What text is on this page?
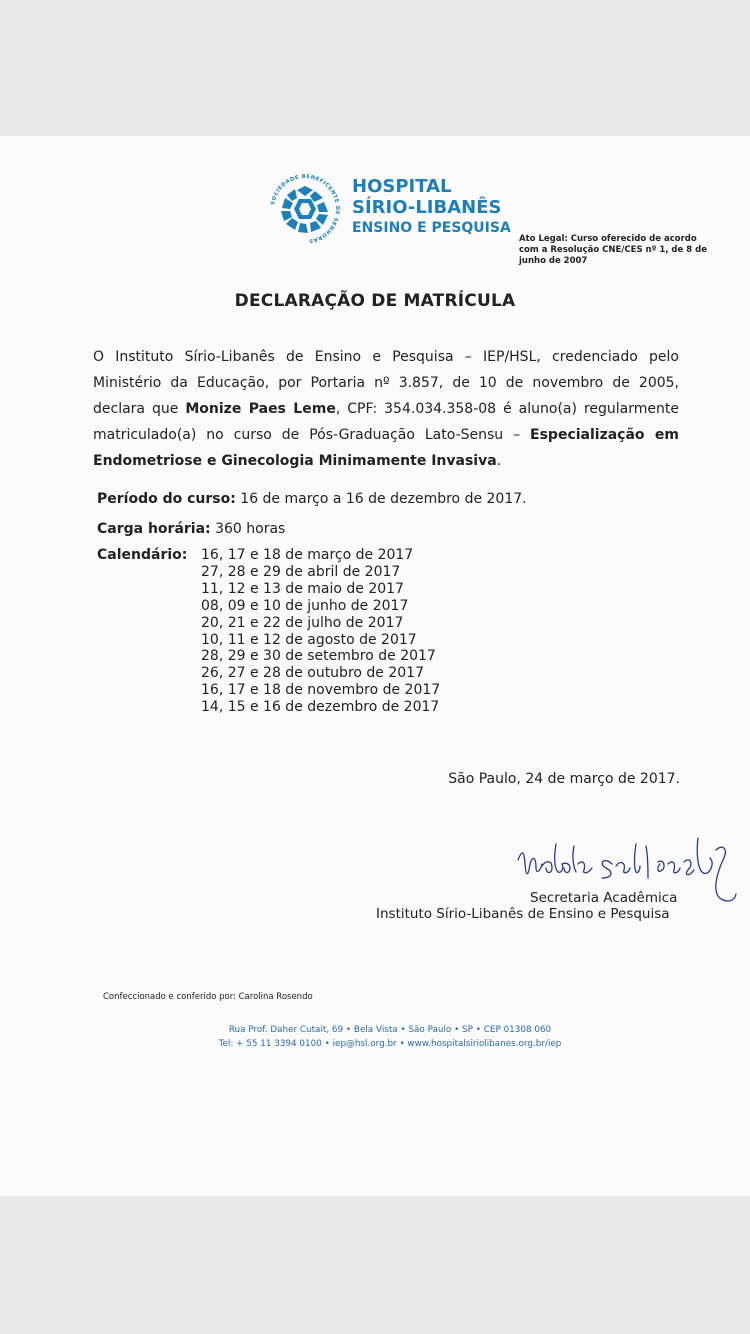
SOCIEDADE BENEFICENTE DE SENHORAS
HOSPITAL
SÍRIO-LIBANÊS
ENSINO E PESQUISA
Ato Legal: Curso oferecido de acordo com a Resolução CNE/CES nº 1, de 8 de junho de 2007
DECLARAÇÃO DE MATRÍCULA
O Instituto Sírio-Libanês de Ensino e Pesquisa – IEP/HSL, credenciado pelo Ministério da Educação, por Portaria nº 3.857, de 10 de novembro de 2005, declara que Monize Paes Leme, CPF: 354.034.358-08 é aluno(a) regularmente matriculado(a) no curso de Pós-Graduação Lato-Sensu – Especialização em Endometriose e Ginecologia Minimamente Invasiva.
Período do curso: 16 de março a 16 de dezembro de 2017.
Carga horária: 360 horas
Calendário: 16, 17 e 18 de março de 2017
27, 28 e 29 de abril de 2017
11, 12 e 13 de maio de 2017
08, 09 e 10 de junho de 2017
20, 21 e 22 de julho de 2017
10, 11 e 12 de agosto de 2017
28, 29 e 30 de setembro de 2017
26, 27 e 28 de outubro de 2017
16, 17 e 18 de novembro de 2017
14, 15 e 16 de dezembro de 2017
São Paulo, 24 de março de 2017.
Secretaria Acadêmica
Instituto Sírio-Libanês de Ensino e Pesquisa
Confeccionado e conferido por: Carolina Rosendo
Rua Prof. Daher Cutait, 69 • Bela Vista • São Paulo • SP • CEP 01308 060
Tel: + 55 11 3394 0100 • iep@hsl.org.br • www.hospitalsiriolibanes.org.br/iep
